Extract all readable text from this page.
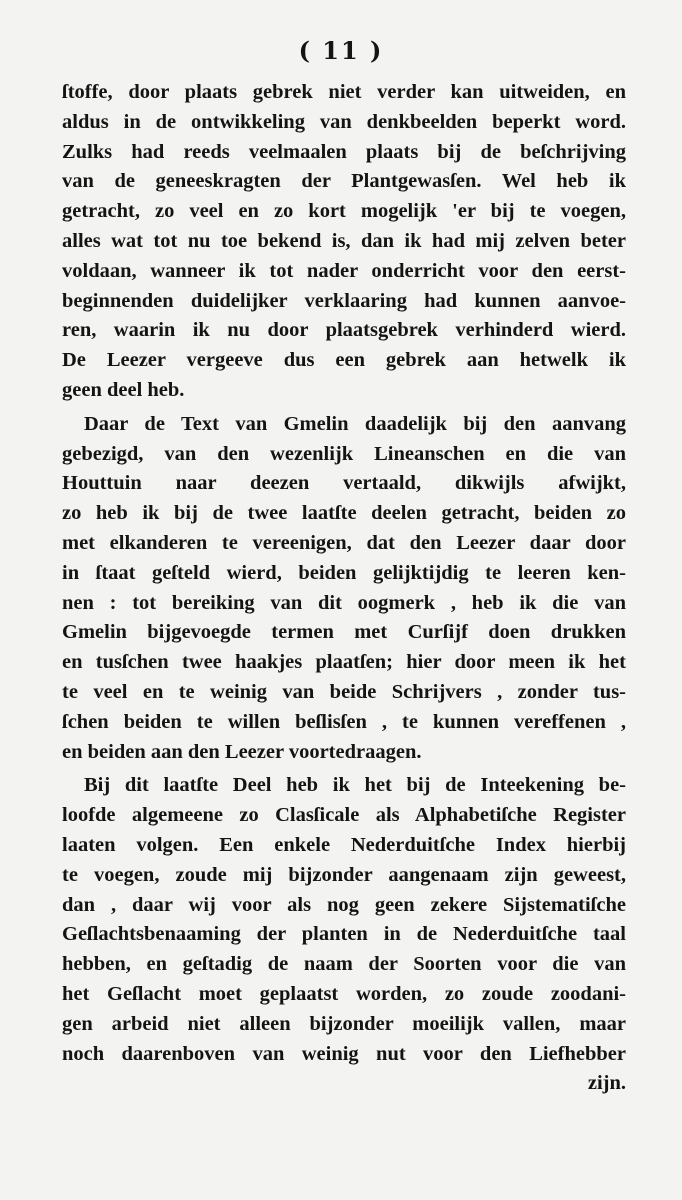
( 11 )
ſtoffe, door plaats gebrek niet verder kan uitweiden, en
aldus in de ontwikkeling van denkbeelden beperkt word.
Zulks had reeds veelmaalen plaats bij de beſchrijving
van de geneeskragten der Plantgewasſen. Wel heb ik
getracht, zo veel en zo kort mogelijk 'er bij te voegen,
alles wat tot nu toe bekend is, dan ik had mij zelven beter
voldaan, wanneer ik tot nader onderricht voor den eerst-
beginnenden duidelijker verklaaring had kunnen aanvoe-
ren, waarin ik nu door plaatsgebrek verhinderd wierd.
De Leezer vergeeve dus een gebrek aan hetwelk ik
geen deel heb.
Daar de Text van Gmelin daadelijk bij den aanvang
gebezigd, van den wezenlijk Lineanschen en die van
Houttuin naar deezen vertaald, dikwijls afwijkt,
zo heb ik bij de twee laatſte deelen getracht, beiden zo
met elkanderen te vereenigen, dat den Leezer daar door
in ſtaat geſteld wierd, beiden gelijktijdig te leeren ken-
nen : tot bereiking van dit oogmerk , heb ik die van
Gmelin bijgevoegde termen met Curſijf doen drukken
en tusſchen twee haakjes plaatſen; hier door meen ik het
te veel en te weinig van beide Schrijvers , zonder tus-
ſchen beiden te willen beſlisſen , te kunnen vereffenen ,
en beiden aan den Leezer voortedraagen.
Bij dit laatſte Deel heb ik het bij de Inteekening be-
loofde algemeene zo Clasſicale als Alphabetiſche Register
laaten volgen. Een enkele Nederduitſche Index hierbij
te voegen, zoude mij bijzonder aangenaam zijn geweest,
dan , daar wij voor als nog geen zekere Sijstematiſche
Geſlachtsbenaaming der planten in de Nederduitſche taal
hebben, en geſtadig de naam der Soorten voor die van
het Geſlacht moet geplaatst worden, zo zoude zoodani-
gen arbeid niet alleen bijzonder moeilijk vallen, maar
noch daarenboven van weinig nut voor den Liefhebber
zijn.
